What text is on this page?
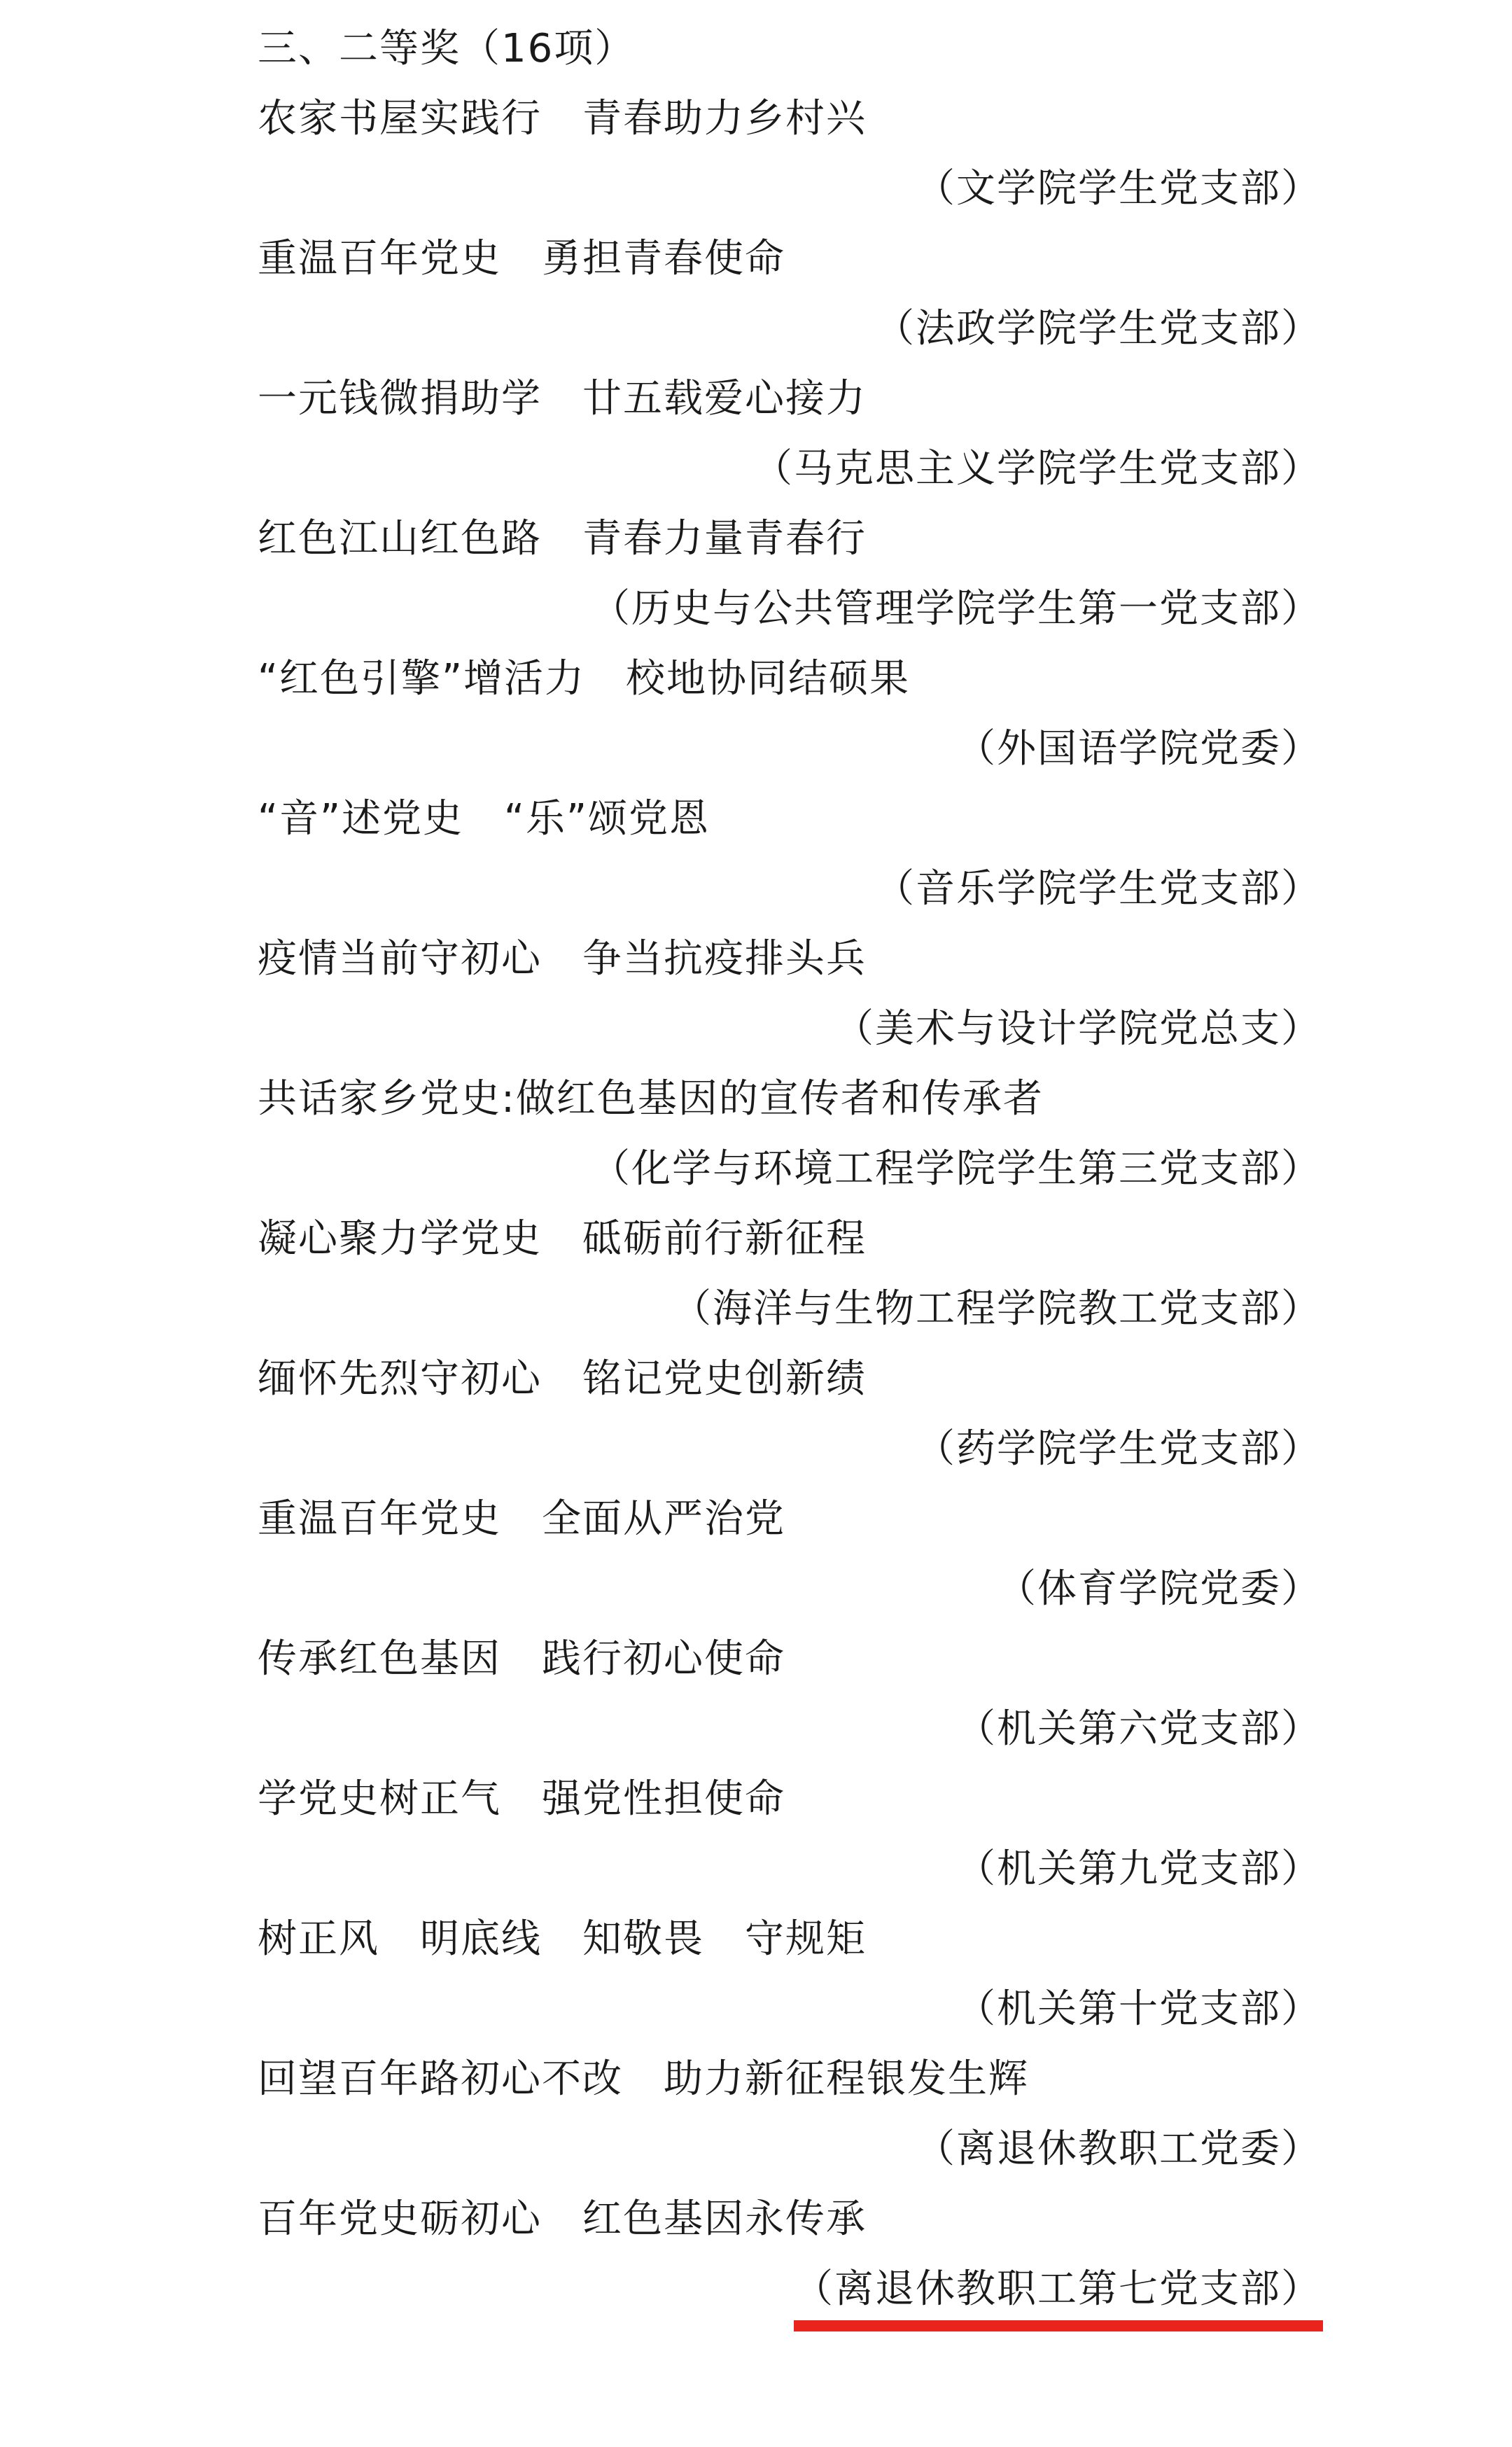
三、二等奖（16项）
农家书屋实践行　青春助力乡村兴
（文学院学生党支部）
重温百年党史　勇担青春使命
（法政学院学生党支部）
一元钱微捐助学　廿五载爱心接力
（马克思主义学院学生党支部）
红色江山红色路　青春力量青春行
（历史与公共管理学院学生第一党支部）
“红色引擎”增活力　校地协同结硕果
（外国语学院党委）
“音”述党史　“乐”颂党恩
（音乐学院学生党支部）
疫情当前守初心　争当抗疫排头兵
（美术与设计学院党总支）
共话家乡党史:做红色基因的宣传者和传承者
（化学与环境工程学院学生第三党支部）
凝心聚力学党史　砥砺前行新征程
（海洋与生物工程学院教工党支部）
缅怀先烈守初心　铭记党史创新绩
（药学院学生党支部）
重温百年党史　全面从严治党
（体育学院党委）
传承红色基因　践行初心使命
（机关第六党支部）
学党史树正气　强党性担使命
（机关第九党支部）
树正风　明底线　知敬畏　守规矩
（机关第十党支部）
回望百年路初心不改　助力新征程银发生辉
（离退休教职工党委）
百年党史砺初心　红色基因永传承
（离退休教职工第七党支部）
